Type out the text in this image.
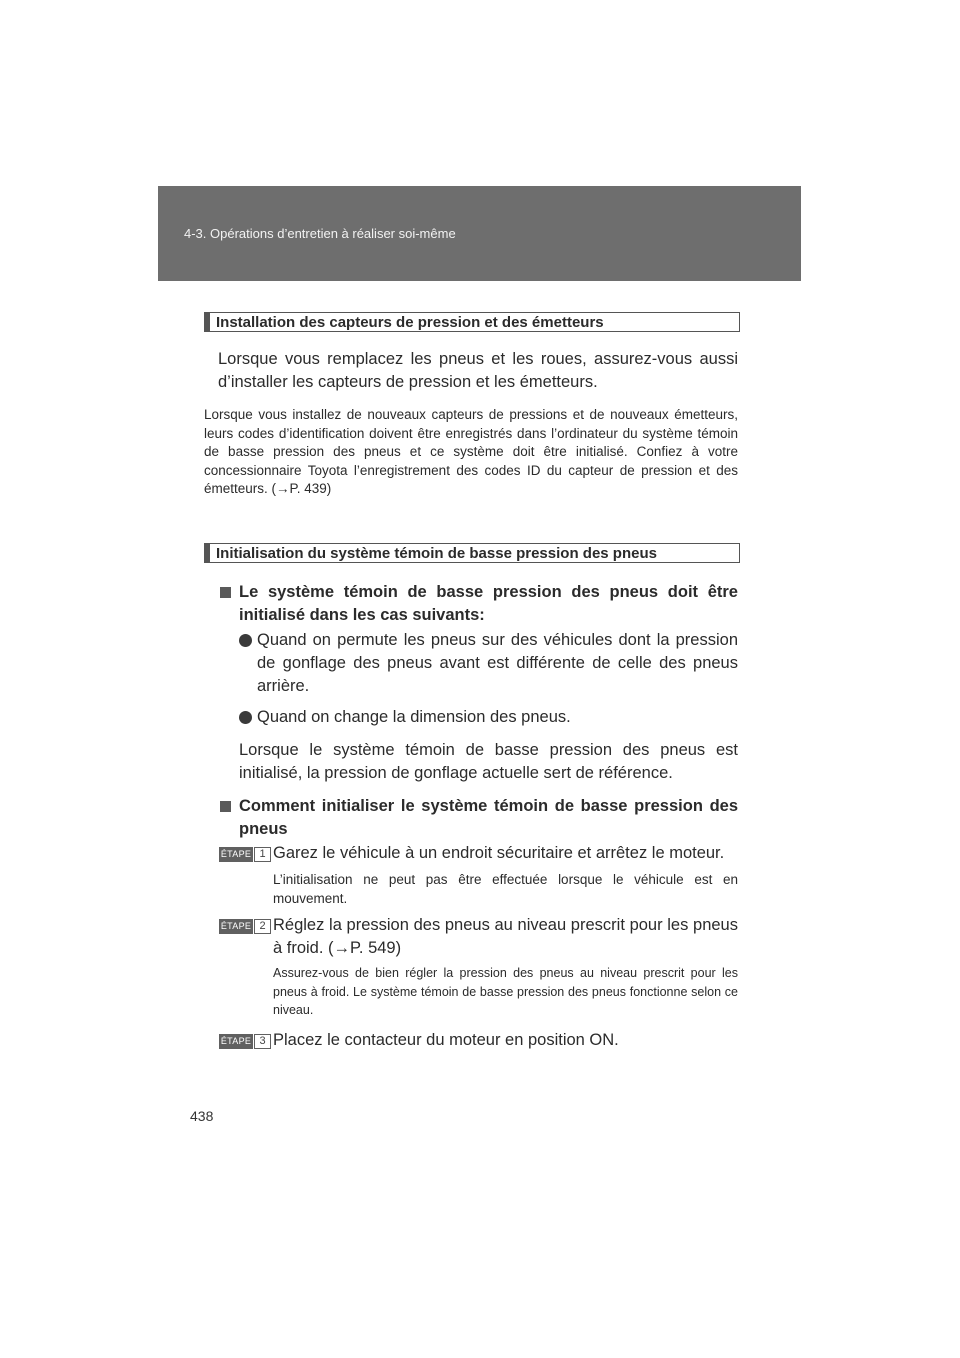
4-3. Opérations d’entretien à réaliser soi-même
Installation des capteurs de pression et des émetteurs
Lorsque vous remplacez les pneus et les roues, assurez-vous aussi d’installer les capteurs de pression et les émetteurs.
Lorsque vous installez de nouveaux capteurs de pressions et de nouveaux émetteurs, leurs codes d’identification doivent être enregistrés dans l’ordinateur du système témoin de basse pression des pneus et ce système doit être initialisé. Confiez à votre concessionnaire Toyota l’enregistrement des codes ID du capteur de pression et des émetteurs. (→P. 439)
Initialisation du système témoin de basse pression des pneus
Le système témoin de basse pression des pneus doit être initialisé dans les cas suivants:
Quand on permute les pneus sur des véhicules dont la pression de gonflage des pneus avant est différente de celle des pneus arrière.
Quand on change la dimension des pneus.
Lorsque le système témoin de basse pression des pneus est initialisé, la pression de gonflage actuelle sert de référence.
Comment initialiser le système témoin de basse pression des pneus
ÉTAPE 1 Garez le véhicule à un endroit sécuritaire et arrêtez le moteur.
L’initialisation ne peut pas être effectuée lorsque le véhicule est en mouvement.
ÉTAPE 2 Réglez la pression des pneus au niveau prescrit pour les pneus à froid. (→P. 549)
Assurez-vous de bien régler la pression des pneus au niveau prescrit pour les pneus à froid. Le système témoin de basse pression des pneus fonctionne selon ce niveau.
ÉTAPE 3 Placez le contacteur du moteur en position ON.
438
